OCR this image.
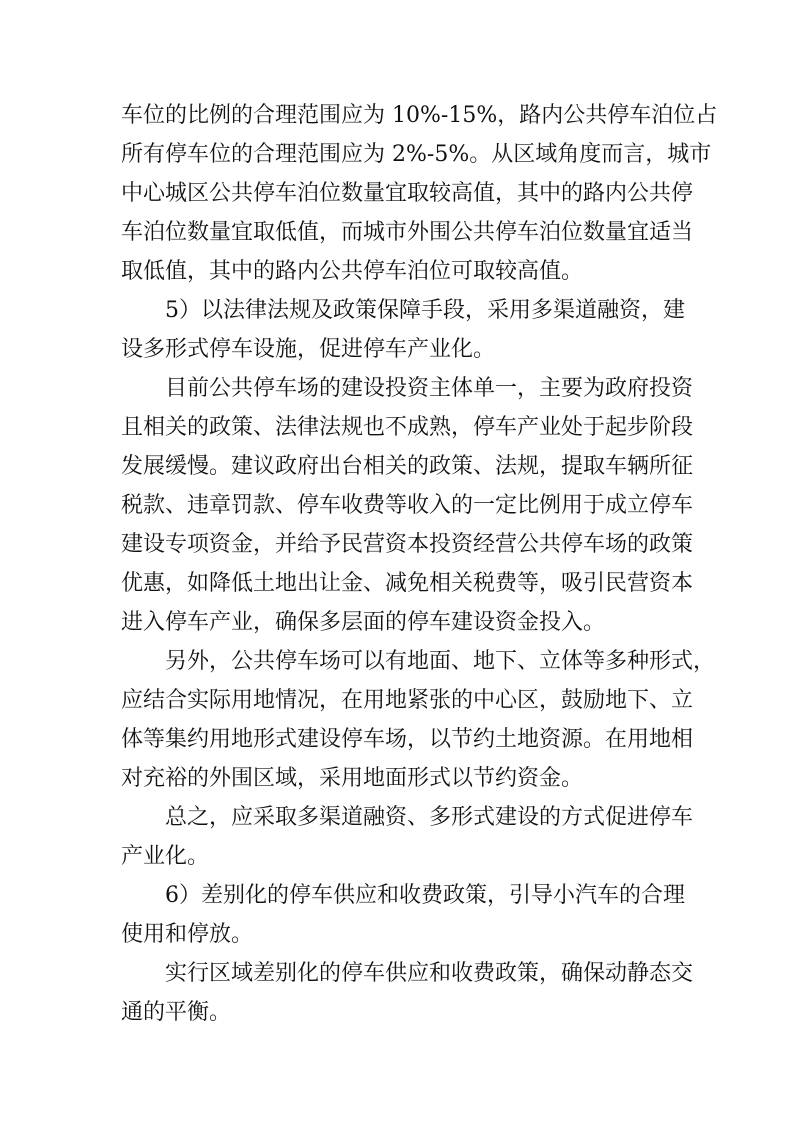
车位的比例的合理范围应为 10%-15%，路内公共停车泊位占
所有停车位的合理范围应为 2%-5%。从区域角度而言，城市
中心城区公共停车泊位数量宜取较高值，其中的路内公共停
车泊位数量宜取低值，而城市外围公共停车泊位数量宜适当
取低值，其中的路内公共停车泊位可取较高值。
5）以法律法规及政策保障手段，采用多渠道融资，建
设多形式停车设施，促进停车产业化。
目前公共停车场的建设投资主体单一，主要为政府投资
且相关的政策、法律法规也不成熟，停车产业处于起步阶段
发展缓慢。建议政府出台相关的政策、法规，提取车辆所征
税款、违章罚款、停车收费等收入的一定比例用于成立停车
建设专项资金，并给予民营资本投资经营公共停车场的政策
优惠，如降低土地出让金、减免相关税费等，吸引民营资本
进入停车产业，确保多层面的停车建设资金投入。
另外，公共停车场可以有地面、地下、立体等多种形式，
应结合实际用地情况，在用地紧张的中心区，鼓励地下、立
体等集约用地形式建设停车场，以节约土地资源。在用地相
对充裕的外围区域，采用地面形式以节约资金。
总之，应采取多渠道融资、多形式建设的方式促进停车
产业化。
6）差别化的停车供应和收费政策，引导小汽车的合理
使用和停放。
实行区域差别化的停车供应和收费政策，确保动静态交
通的平衡。
